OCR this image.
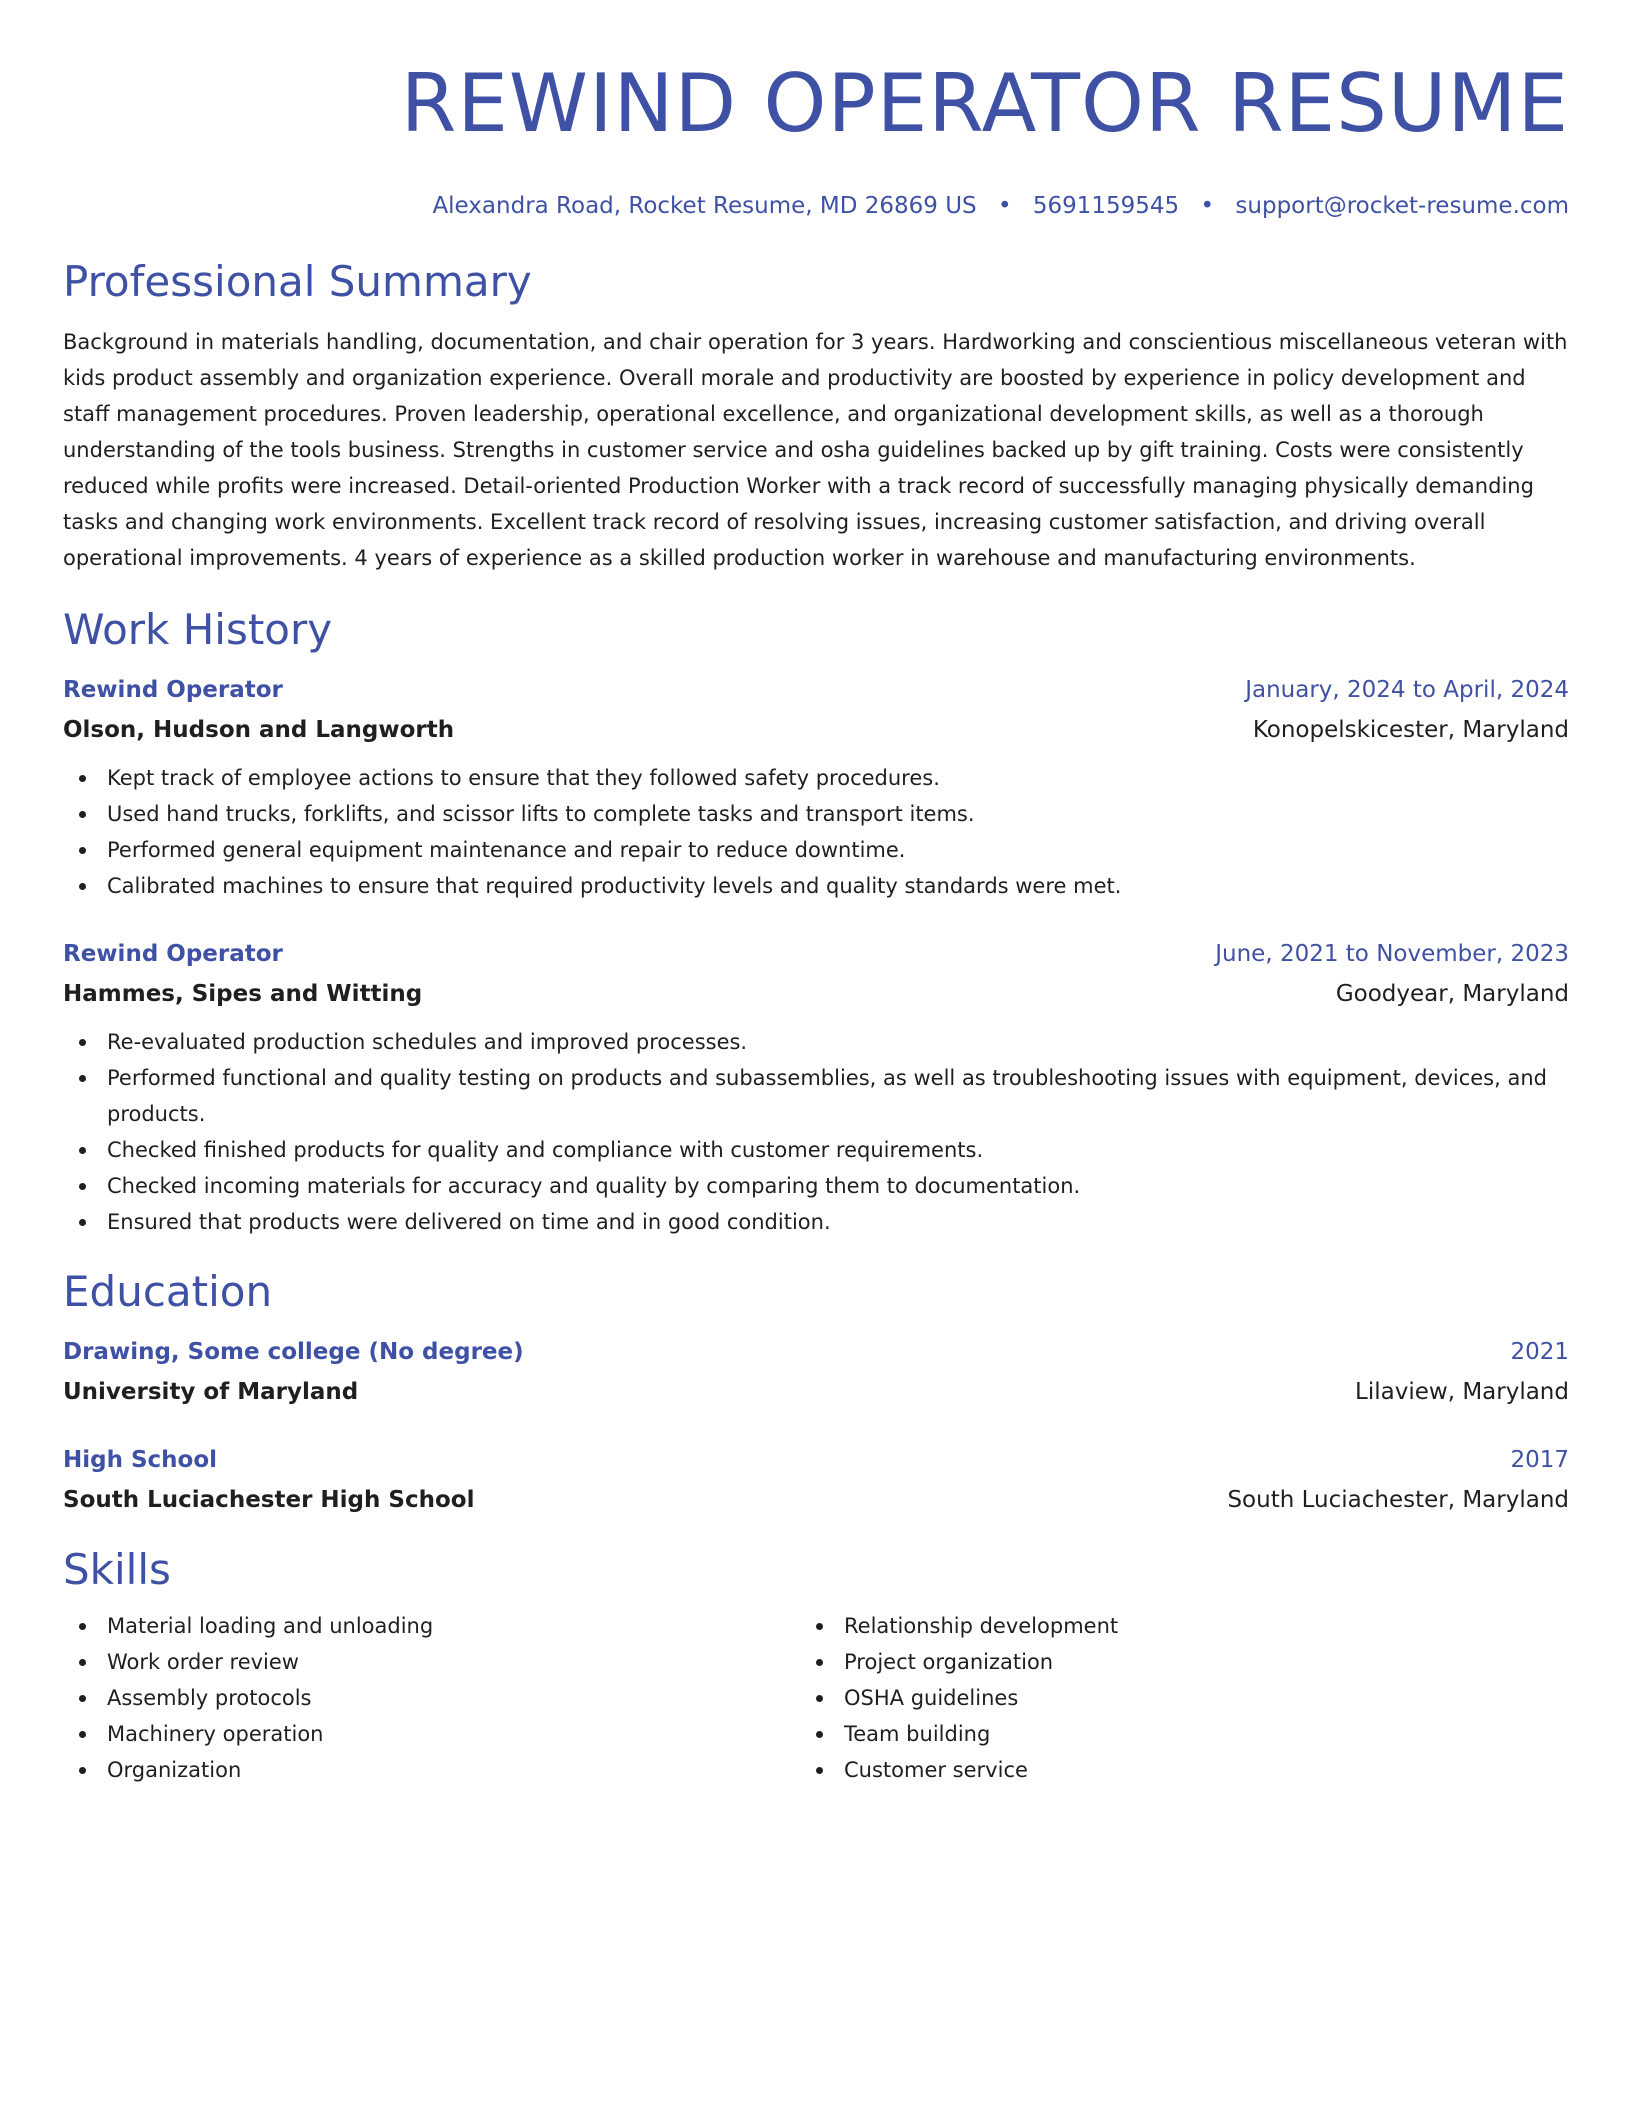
REWIND OPERATOR RESUME
Alexandra Road, Rocket Resume, MD 26869 US • 5691159545 • support@rocket-resume.com
Professional Summary

Background in materials handling, documentation, and chair operation for 3 years. Hardworking and conscientious miscellaneous veteran with kids product assembly and organization experience. Overall morale and productivity are boosted by experience in policy development and staff management procedures. Proven leadership, operational excellence, and organizational development skills, as well as a thorough understanding of the tools business. Strengths in customer service and osha guidelines backed up by gift training. Costs were consistently reduced while profits were increased. Detail-oriented Production Worker with a track record of successfully managing physically demanding tasks and changing work environments. Excellent track record of resolving issues, increasing customer satisfaction, and driving overall operational improvements. 4 years of experience as a skilled production worker in warehouse and manufacturing environments.

Work History
Rewind Operator	January, 2024 to April, 2024
Olson, Hudson and Langworth	Konopelskicester, Maryland
Kept track of employee actions to ensure that they followed safety procedures.
Used hand trucks, forklifts, and scissor lifts to complete tasks and transport items.
Performed general equipment maintenance and repair to reduce downtime.
Calibrated machines to ensure that required productivity levels and quality standards were met.
Rewind Operator	June, 2021 to November, 2023
Hammes, Sipes and Witting	Goodyear, Maryland
Re-evaluated production schedules and improved processes.
Performed functional and quality testing on products and subassemblies, as well as troubleshooting issues with equipment, devices, and products.
Checked finished products for quality and compliance with customer requirements.
Checked incoming materials for accuracy and quality by comparing them to documentation.
Ensured that products were delivered on time and in good condition.
Education
Drawing, Some college (No degree)	2021
University of Maryland	Lilaview, Maryland
High School	2017
South Luciachester High School	South Luciachester, Maryland
Skills
Material loading and unloading
Work order review
Assembly protocols
Machinery operation
Organization
Relationship development
Project organization
OSHA guidelines
Team building
Customer service
